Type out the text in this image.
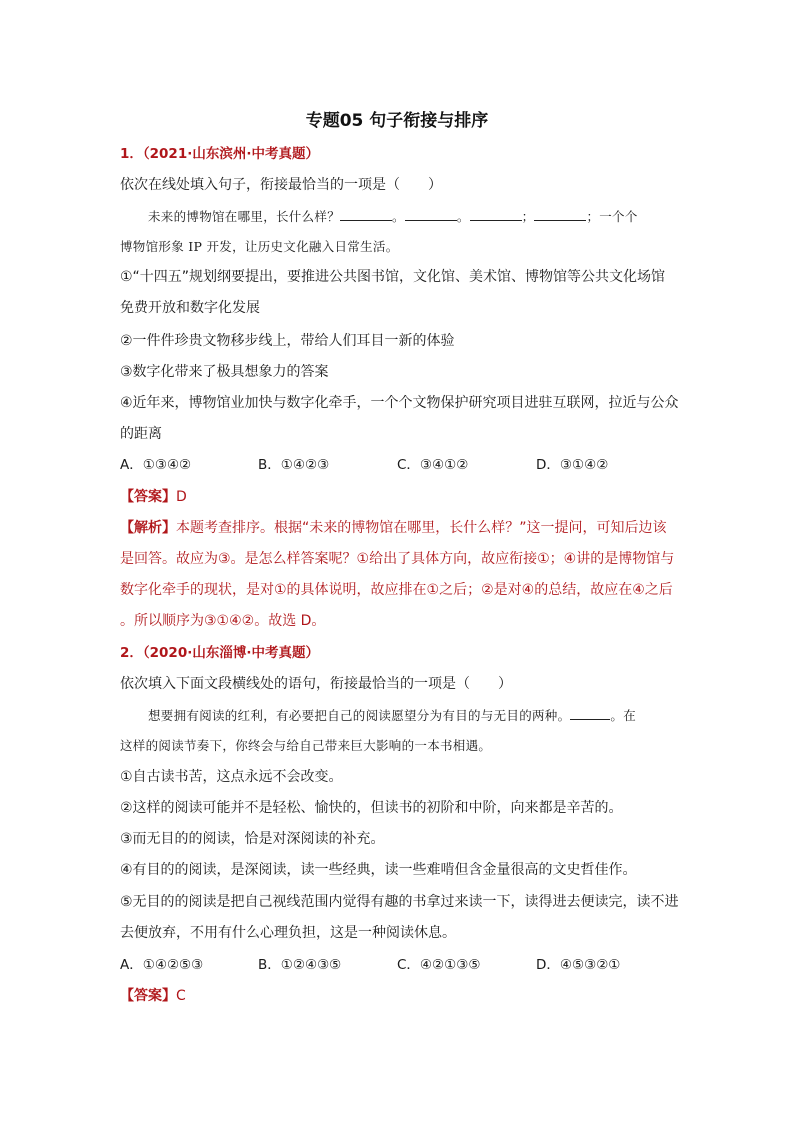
专题05 句子衔接与排序
1．（2021·山东滨州·中考真题）
依次在线处填入句子，衔接最恰当的一项是（　　）
未来的博物馆在哪里，长什么样？	。	。	；	；一个个
博物馆形象 IP 开发，让历史文化融入日常生活。
①“十四五”规划纲要提出，要推进公共图书馆，文化馆、美术馆、博物馆等公共文化场馆
免费开放和数字化发展
②一件件珍贵文物移步线上，带给人们耳目一新的体验
③数字化带来了极具想象力的答案
④近年来，博物馆业加快与数字化牵手，一个个文物保护研究项目进驻互联网，拉近与公众
的距离
A．①③④②	B．①④②③	C．③④①②	D．③①④②
【答案】D
【解析】本题考查排序。根据“未来的博物馆在哪里，长什么样？”这一提问，可知后边该
是回答。故应为③。是怎么样答案呢？①给出了具体方向，故应衔接①；④讲的是博物馆与
数字化牵手的现状，是对①的具体说明，故应排在①之后；②是对④的总结，故应在④之后
。所以顺序为③①④②。故选 D。
2．（2020·山东淄博·中考真题）
依次填入下面文段横线处的语句，衔接最恰当的一项是（　　）
想要拥有阅读的红利，有必要把自己的阅读愿望分为有目的与无目的两种。	。在
这样的阅读节奏下，你终会与给自己带来巨大影响的一本书相遇。
①自古读书苦，这点永远不会改变。
②这样的阅读可能并不是轻松、愉快的，但读书的初阶和中阶，向来都是辛苦的。
③而无目的的阅读，恰是对深阅读的补充。
④有目的的阅读，是深阅读，读一些经典，读一些难啃但含金量很高的文史哲佳作。
⑤无目的的阅读是把自己视线范围内觉得有趣的书拿过来读一下，读得进去便读完，读不进
去便放弃，不用有什么心理负担，这是一种阅读休息。
A．①④②⑤③	B．①②④③⑤	C．④②①③⑤	D．④⑤③②①
【答案】C
